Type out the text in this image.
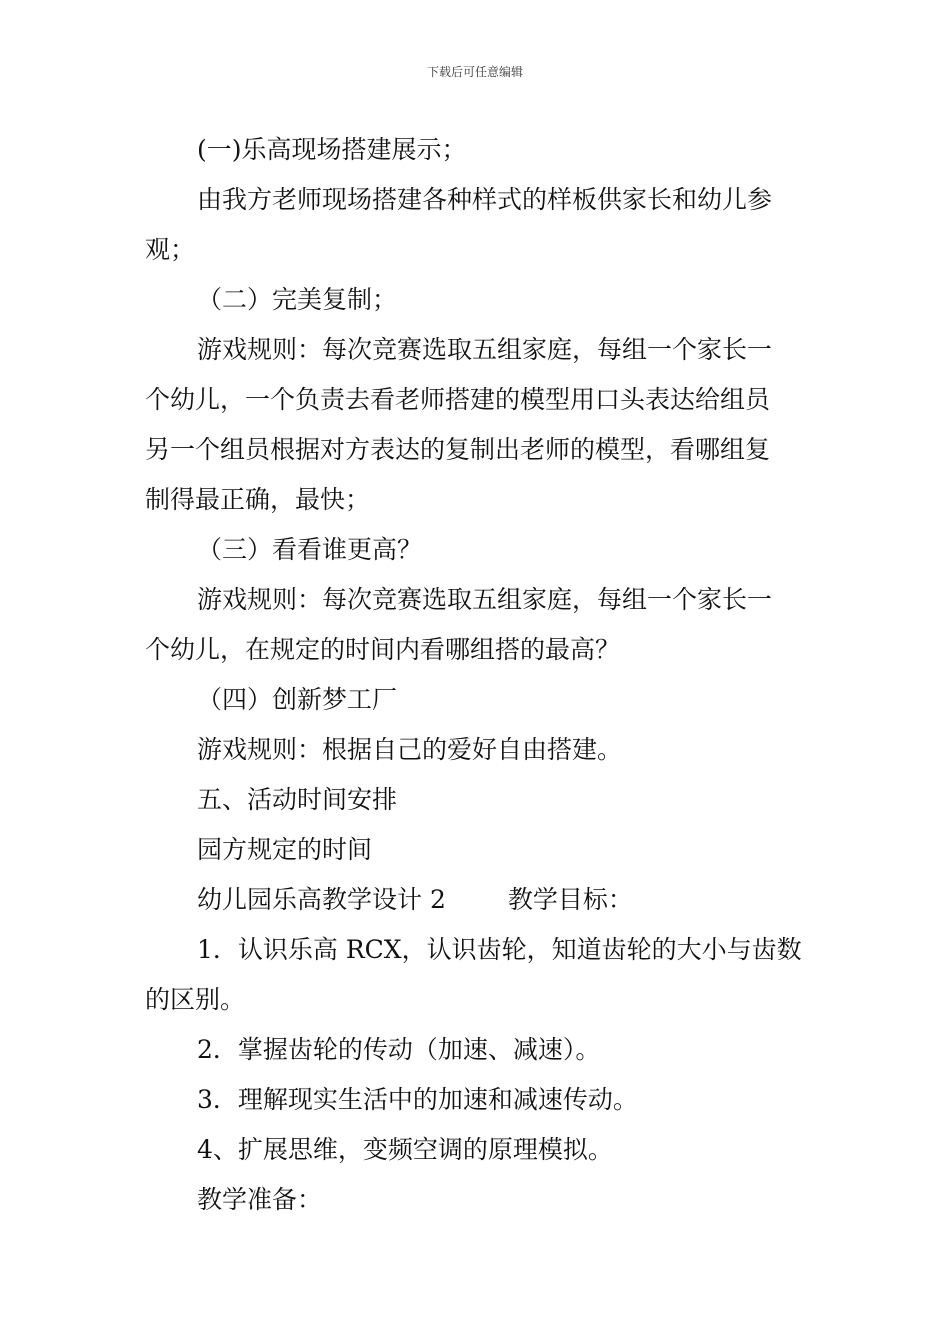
下载后可任意编辑
(一)乐高现场搭建展示；
由我方老师现场搭建各种样式的样板供家长和幼儿参
观；
（二）完美复制；
游戏规则：每次竞赛选取五组家庭，每组一个家长一
个幼儿，一个负责去看老师搭建的模型用口头表达给组员
另一个组员根据对方表达的复制出老师的模型，看哪组复
制得最正确，最快；
（三）看看谁更高？
游戏规则：每次竞赛选取五组家庭，每组一个家长一
个幼儿，在规定的时间内看哪组搭的最高？
（四）创新梦工厂
游戏规则：根据自己的爱好自由搭建。
五、活动时间安排
园方规定的时间
幼儿园乐高教学设计 2 教学目标：
1．认识乐高 RCX，认识齿轮，知道齿轮的大小与齿数
的区别。
2．掌握齿轮的传动（加速、减速）。
3．理解现实生活中的加速和减速传动。
4、扩展思维，变频空调的原理模拟。
教学准备：
